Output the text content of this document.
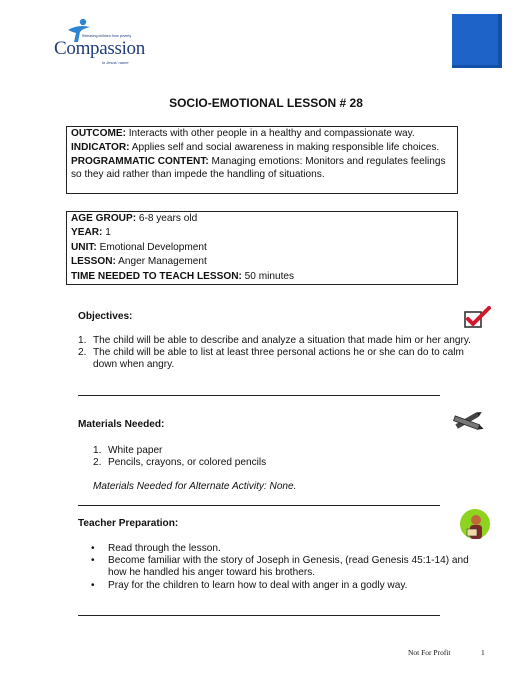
Releasing children from poverty
Compassion
in Jesus' name
SOCIO-EMOTIONAL LESSON # 28

OUTCOME: Interacts with other people in a healthy and compassionate way.

INDICATOR: Applies self and social awareness in making responsible life choices.

PROGRAMMATIC CONTENT: Managing emotions: Monitors and regulates feelings so they aid rather than impede the handling of situations.

AGE GROUP: 6-8 years old

YEAR: 1

UNIT: Emotional Development

LESSON: Anger Management

TIME NEEDED TO TEACH LESSON: 50 minutes

Objectives:
1. The child will be able to describe and analyze a situation that made him or her angry.
2. The child will be able to list at least three personal actions he or she can do to calm down when angry.
Materials Needed:
1. White paper
2. Pencils, crayons, or colored pencils
Materials Needed for Alternate Activity: None.
Teacher Preparation:
• Read through the lesson.
• Become familiar with the story of Joseph in Genesis, (read Genesis 45:1-14) and how he handled his anger toward his brothers.
• Pray for the children to learn how to deal with anger in a godly way.
Not For Profit	1
